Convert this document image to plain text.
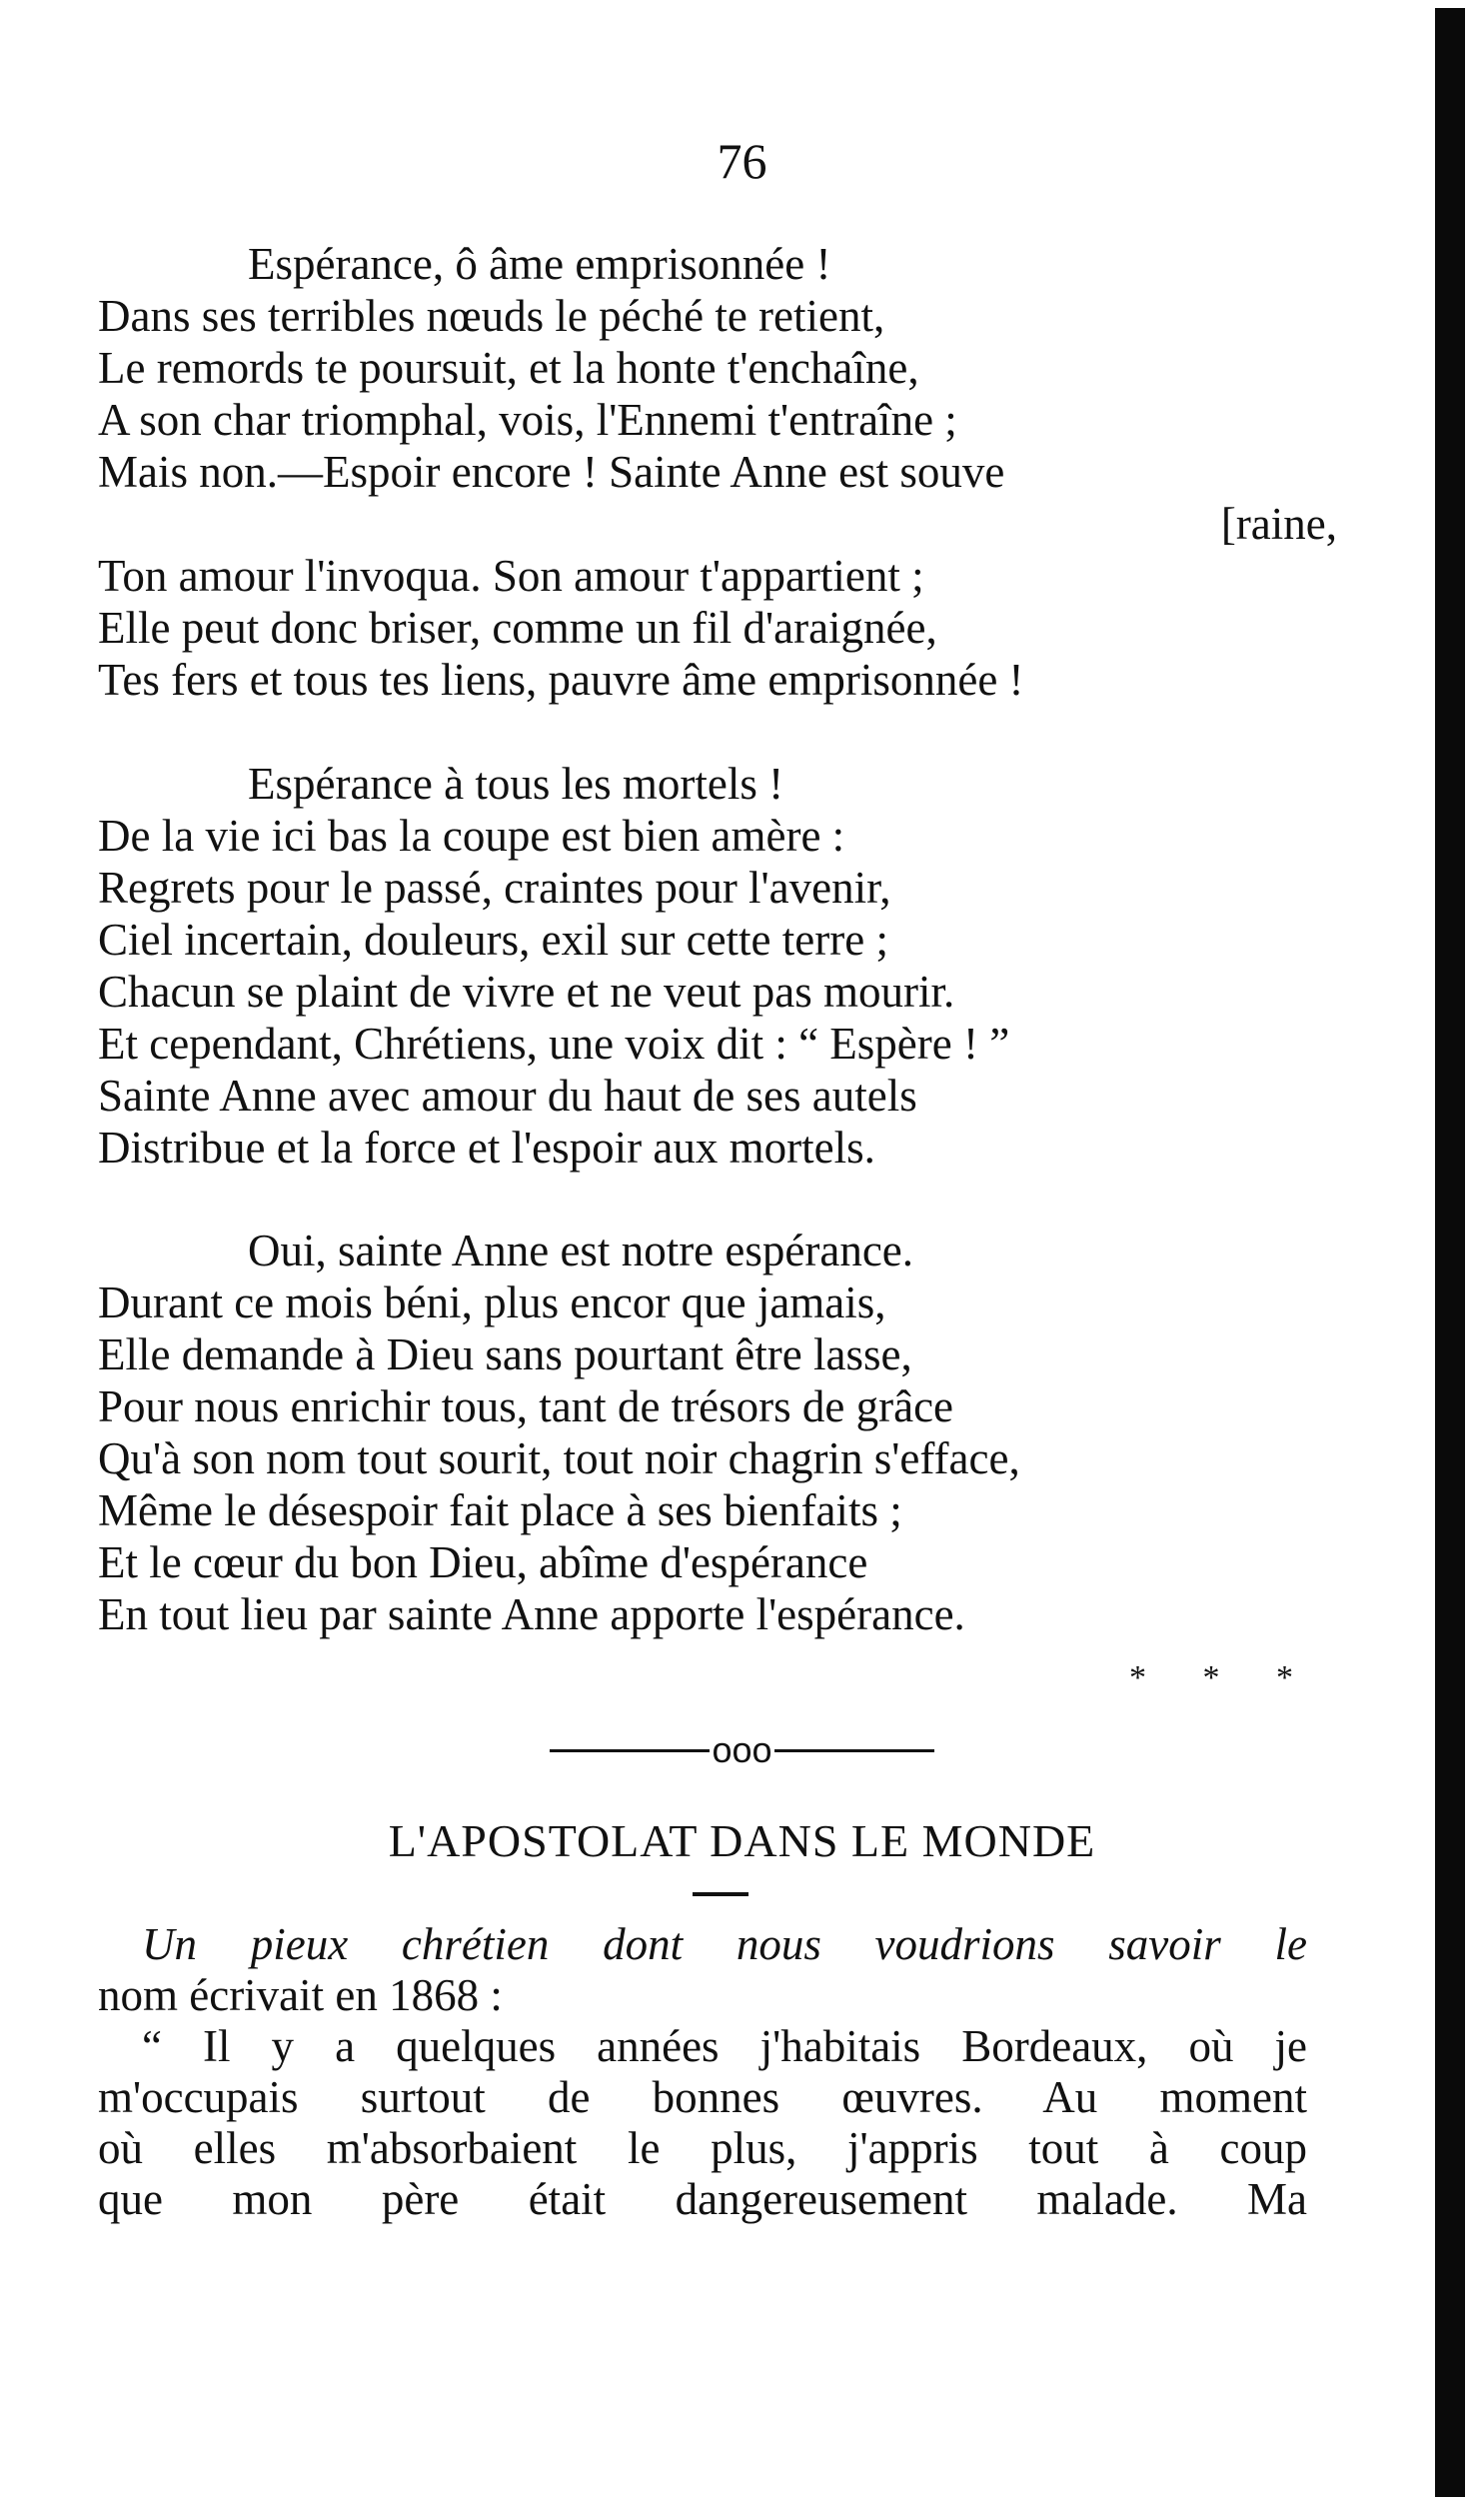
76
Espérance, ô âme emprisonnée !
Dans ses terribles nœuds le péché te retient,
Le remords te poursuit, et la honte t'enchaîne,
A son char triomphal, vois, l'Ennemi t'entraîne ;
Mais non.—Espoir encore ! Sainte Anne est souve
[raine,
Ton amour l'invoqua. Son amour t'appartient ;
Elle peut donc briser, comme un fil d'araignée,
Tes fers et tous tes liens, pauvre âme emprisonnée !
Espérance à tous les mortels !
De la vie ici bas la coupe est bien amère :
Regrets pour le passé, craintes pour l'avenir,
Ciel incertain, douleurs, exil sur cette terre ;
Chacun se plaint de vivre et ne veut pas mourir.
Et cependant, Chrétiens, une voix dit : “ Espère ! ”
Sainte Anne avec amour du haut de ses autels
Distribue et la force et l'espoir aux mortels.
Oui, sainte Anne est notre espérance.
Durant ce mois béni, plus encor que jamais,
Elle demande à Dieu sans pourtant être lasse,
Pour nous enrichir tous, tant de trésors de grâce
Qu'à son nom tout sourit, tout noir chagrin s'efface,
Même le désespoir fait place à ses bienfaits ;
Et le cœur du bon Dieu, abîme d'espérance
En tout lieu par sainte Anne apporte l'espérance.
* * *
ooo
L'APOSTOLAT DANS LE MONDE
Un pieux chrétien dont nous voudrions savoir le
nom écrivait en 1868 :
“ Il y a quelques années j'habitais Bordeaux, où je
m'occupais surtout de bonnes œuvres. Au moment
où elles m'absorbaient le plus, j'appris tout à coup
que mon père était dangereusement malade. Ma
